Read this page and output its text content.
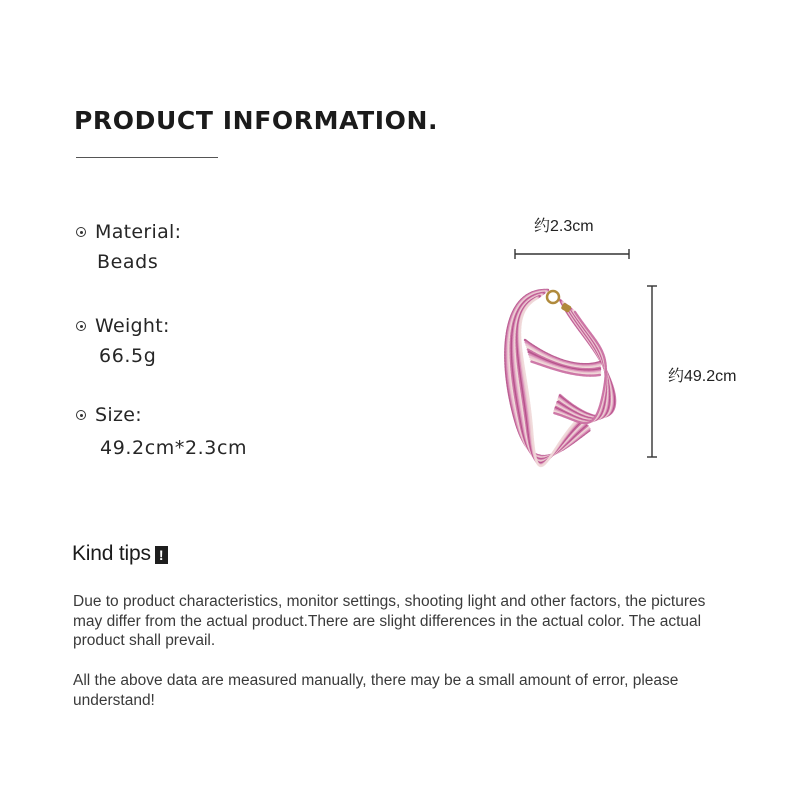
PRODUCT INFORMATION.
Material:
Beads
Weight:
66.5g
Size:
49.2cm*2.3cm
约2.3cm
约49.2cm
Kind tips !
Due to product characteristics, monitor settings, shooting light and other factors, the pictures may differ from the actual product.There are slight differences in the actual color. The actual product shall prevail.
All the above data are measured manually, there may be a small amount of error, please understand!
